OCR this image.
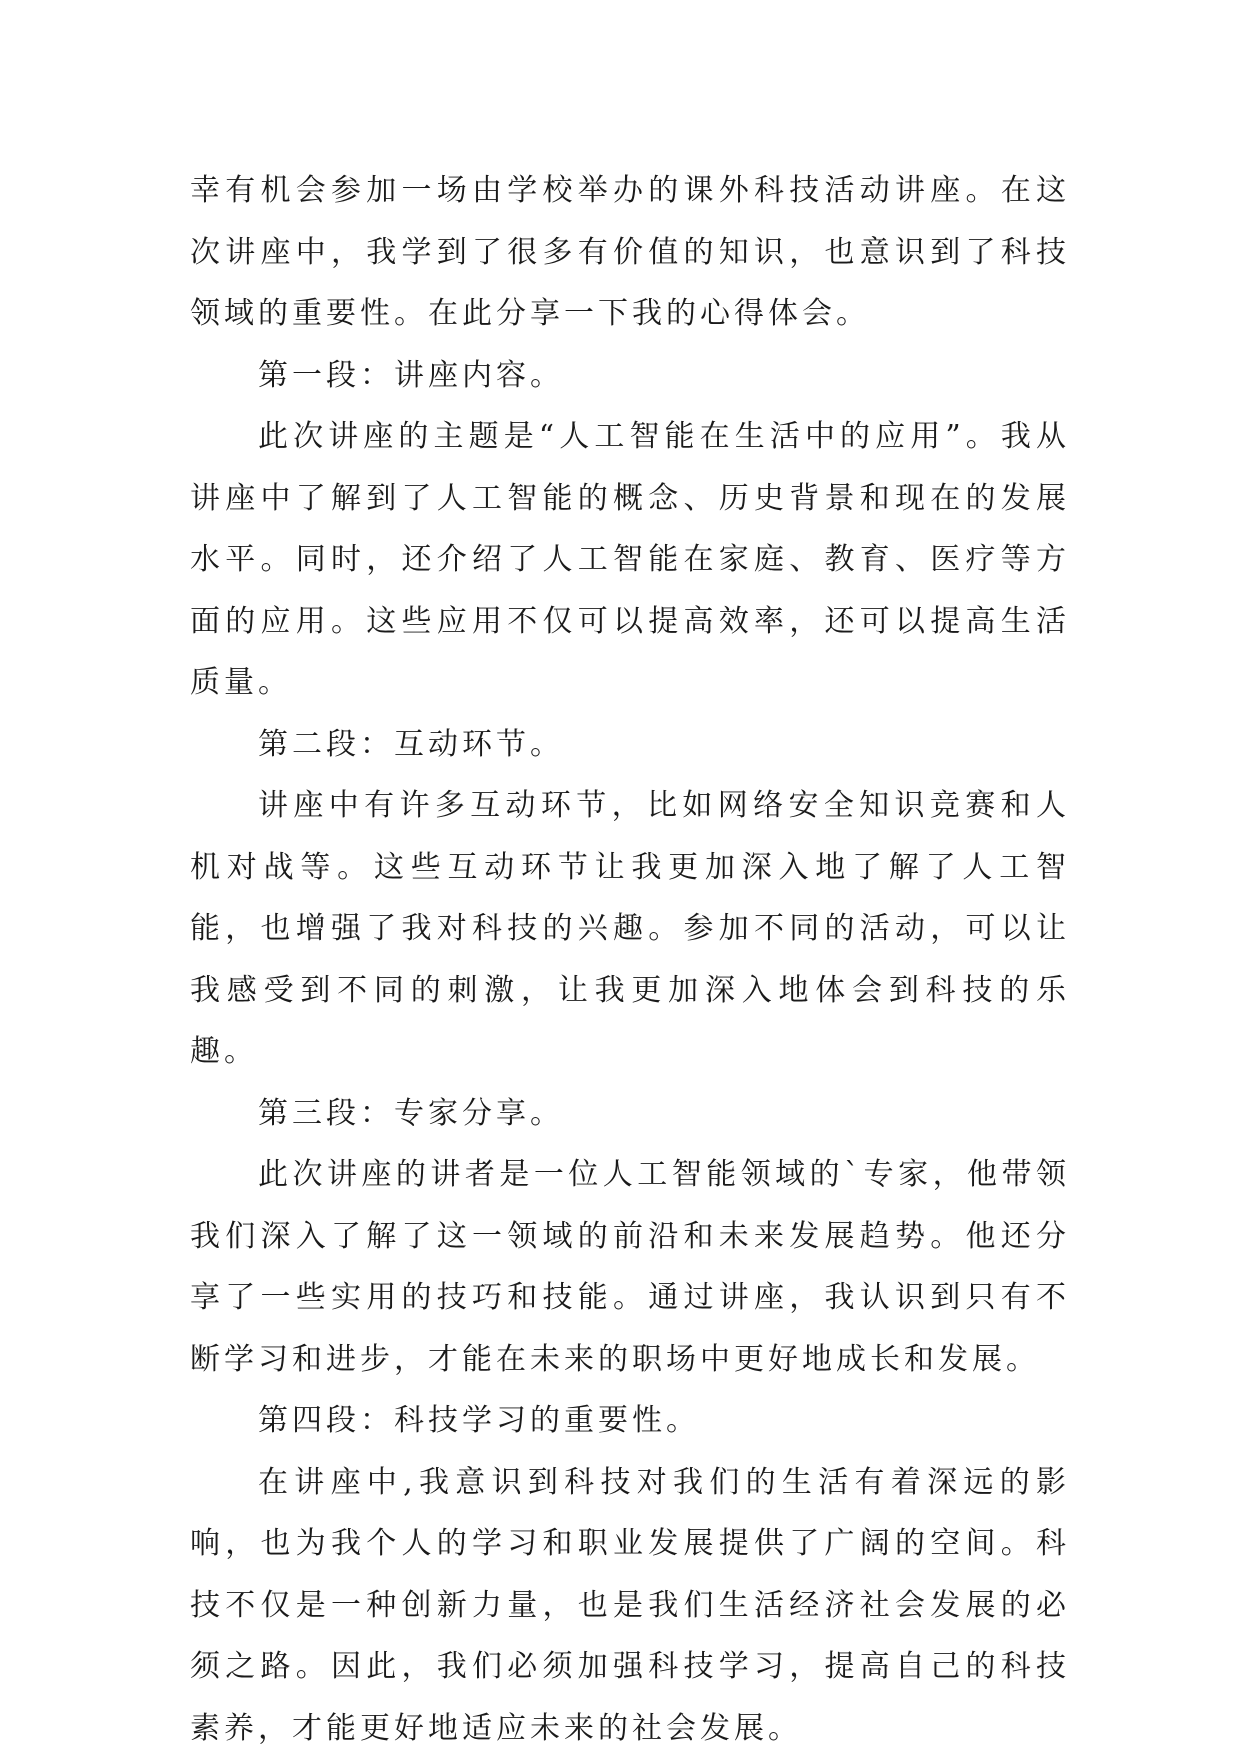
幸有机会参加一场由学校举办的课外科技活动讲座。在这次讲座中，我学到了很多有价值的知识，也意识到了科技领域的重要性。在此分享一下我的心得体会。

第一段：讲座内容。

此次讲座的主题是“人工智能在生活中的应用”。我从讲座中了解到了人工智能的概念、历史背景和现在的发展水平。同时，还介绍了人工智能在家庭、教育、医疗等方面的应用。这些应用不仅可以提高效率，还可以提高生活质量。

第二段：互动环节。

讲座中有许多互动环节，比如网络安全知识竞赛和人机对战等。这些互动环节让我更加深入地了解了人工智能，也增强了我对科技的兴趣。参加不同的活动，可以让我感受到不同的刺激，让我更加深入地体会到科技的乐趣。

第三段：专家分享。

此次讲座的讲者是一位人工智能领域的`专家，他带领我们深入了解了这一领域的前沿和未来发展趋势。他还分享了一些实用的技巧和技能。通过讲座，我认识到只有不断学习和进步，才能在未来的职场中更好地成长和发展。

第四段：科技学习的重要性。

在讲座中,我意识到科技对我们的生活有着深远的影响，也为我个人的学习和职业发展提供了广阔的空间。科技不仅是一种创新力量，也是我们生活经济社会发展的必须之路。因此，我们必须加强科技学习，提高自己的科技素养，才能更好地适应未来的社会发展。
